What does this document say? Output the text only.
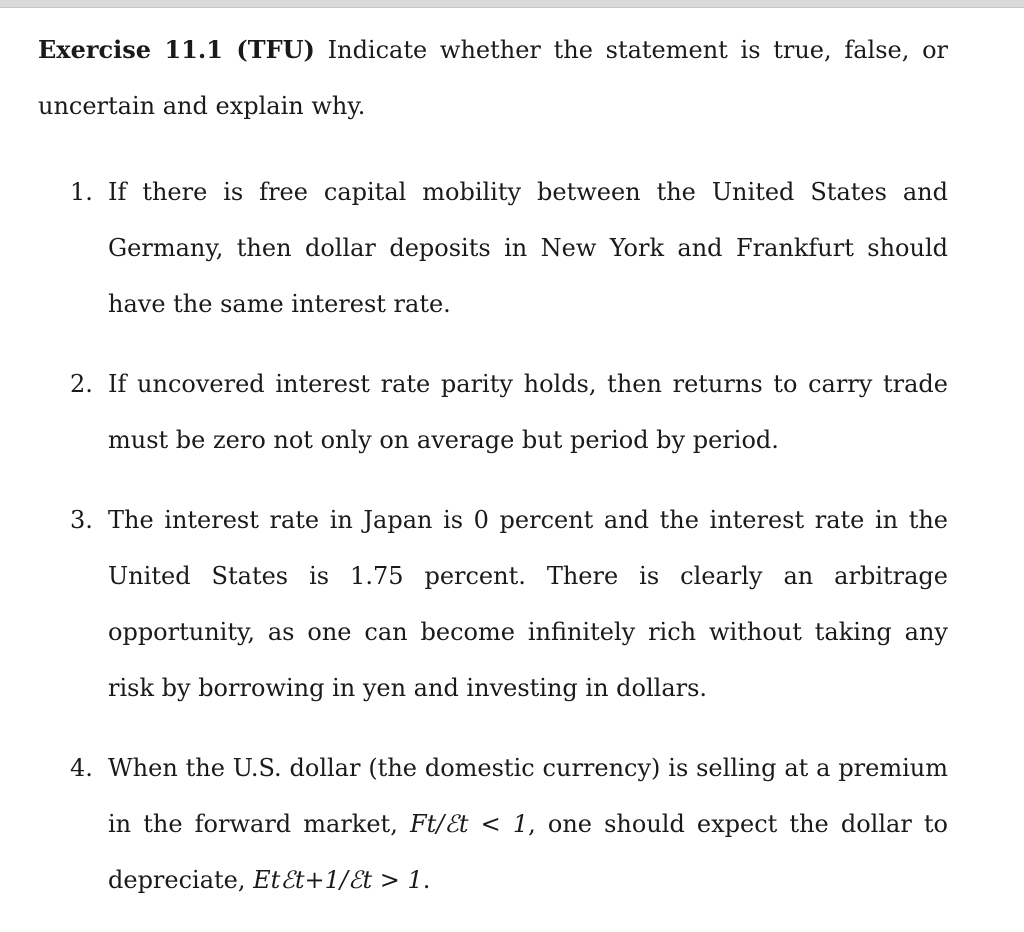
Exercise 11.1 (TFU) Indicate whether the statement is true, false, or uncertain and explain why.

1. If there is free capital mobility between the United States and Germany, then dollar deposits in New York and Frankfurt should have the same interest rate.
2. If uncovered interest rate parity holds, then returns to carry trade must be zero not only on average but period by period.
3. The interest rate in Japan is 0 percent and the interest rate in the United States is 1.75 percent. There is clearly an arbitrage opportunity, as one can become infinitely rich without taking any risk by borrowing in yen and investing in dollars.
4. When the U.S. dollar (the domestic currency) is selling at a premium in the forward market, Ft/ℰt < 1, one should expect the dollar to depreciate, Etℰt+1/ℰt > 1.
